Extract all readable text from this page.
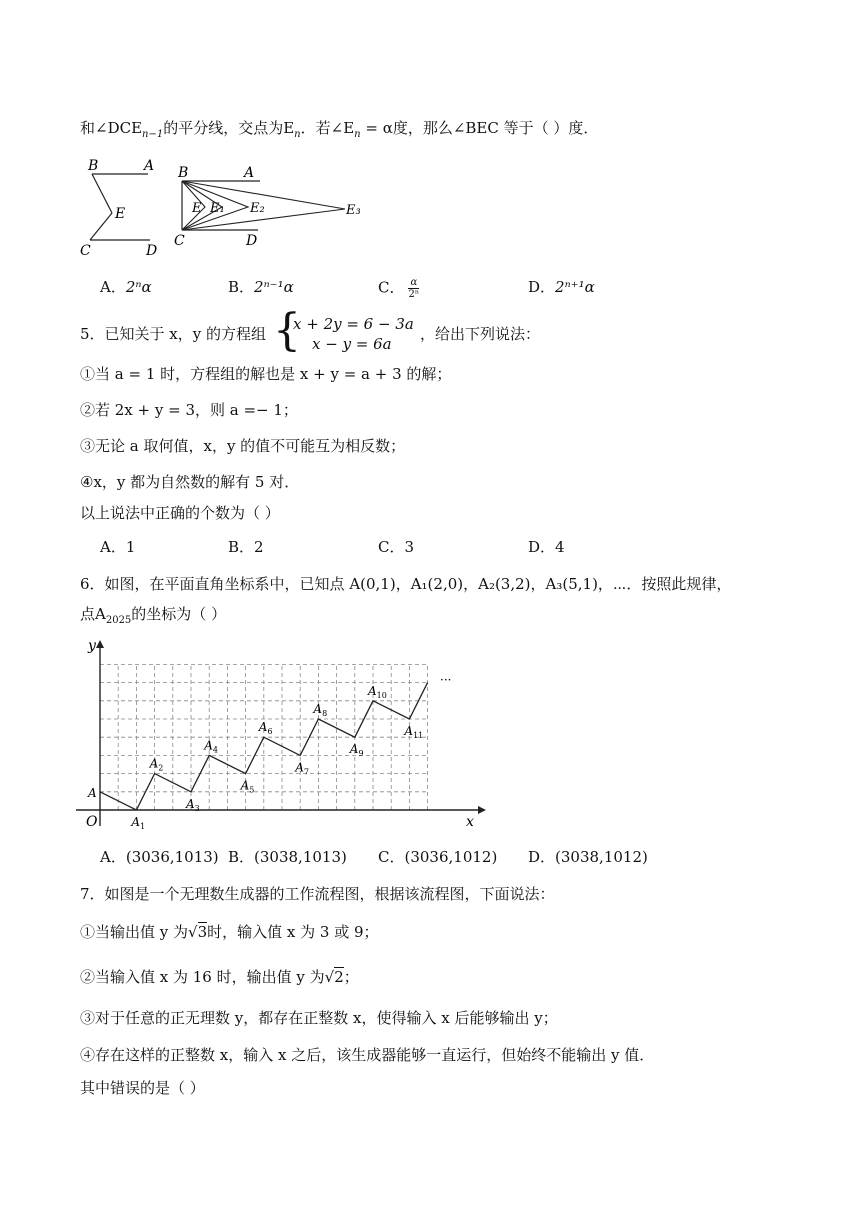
和$\angle DCE_{n-1}$的平分线，交点为$E_n$．若$\angle E_n = \alpha$度，那么∠BEC 等于（ ）度．
B	A
E
C	D
B	A
E E₁ E₂	E₃
C	D
A．2ⁿα	B．2ⁿ⁻¹α	C． $\frac{\alpha}{\text{2ⁿ}}$	D．2ⁿ⁺¹α
5．已知关于 x，y 的方程组 {
x + 2y = 6 − 3a
x − y = 6a
，给出下列说法：
①当 a = 1 时，方程组的解也是 x + y = a + 3 的解；
②若 2x + y = 3，则 a =− 1；
③无论 a 取何值，x，y 的值不可能互为相反数；
④x，y 都为自然数的解有 5 对．
以上说法中正确的个数为（ ）
A．1	B．2	C．3	D．4
6．如图，在平面直角坐标系中，已知点 A(0,1)，A₁(2,0)，A₂(3,2)，A₃(5,1)，⋯．按照此规律，
点$A_{2025}$的坐标为（ ）
y
x
O
···
A
$A_1$
$A_2$
$A_3$
$A_4$
$A_5$
$A_6$
$A_7$
$A_8$
$A_9$
$A_{10}$
$A_{11}$
A．(3036,1013) B．(3038,1013) C．(3036,1012) D．(3038,1012)
7．如图是一个无理数生成器的工作流程图，根据该流程图，下面说法：
①当输出值 y 为√3时，输入值 x 为 3 或 9；
②当输入值 x 为 16 时，输出值 y 为√2；
③对于任意的正无理数 y，都存在正整数 x，使得输入 x 后能够输出 y；
④存在这样的正整数 x，输入 x 之后，该生成器能够一直运行，但始终不能输出 y 值．
其中错误的是（ ）
